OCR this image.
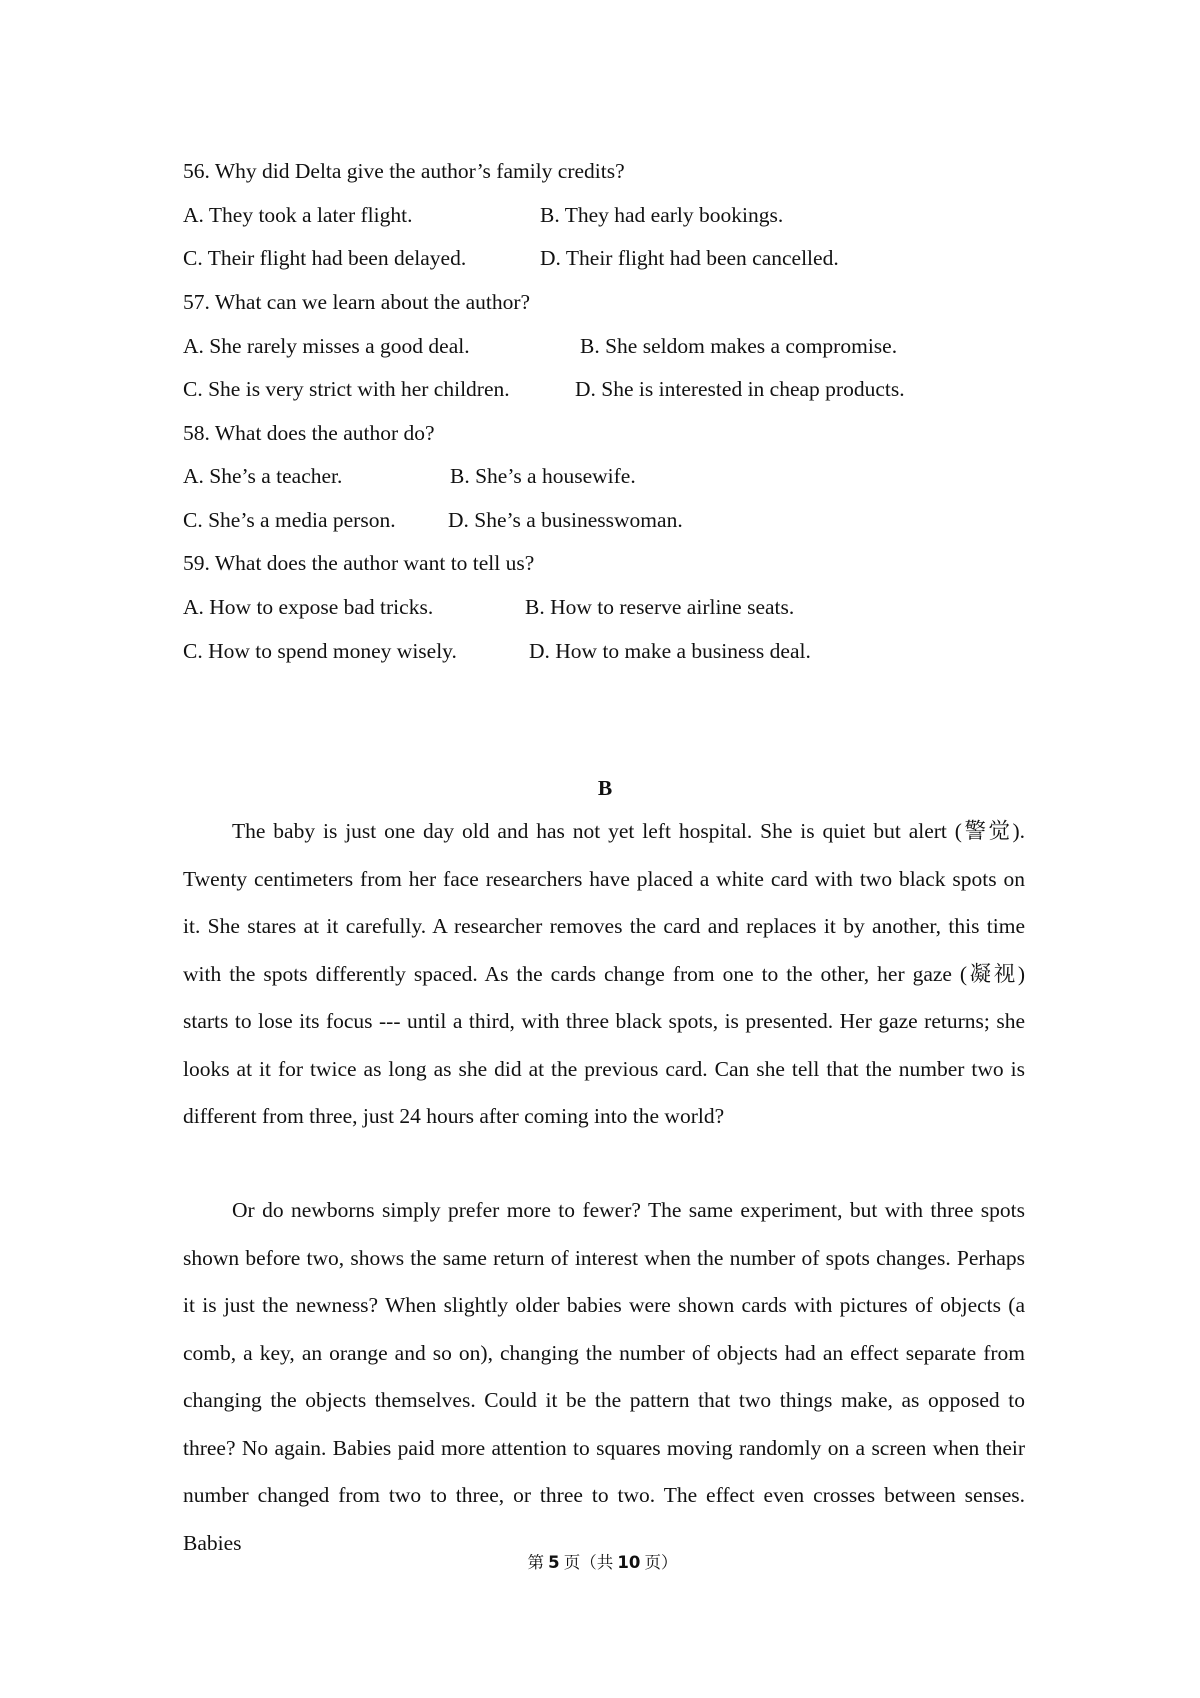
56. Why did Delta give the author’s family credits?
A. They took a later flight.	B. They had early bookings.
C. Their flight had been delayed.	D. Their flight had been cancelled.
57. What can we learn about the author?
A. She rarely misses a good deal.	B. She seldom makes a compromise.
C. She is very strict with her children.	D. She is interested in cheap products.
58. What does the author do?
A. She’s a teacher.	B. She’s a housewife.
C. She’s a media person. D. She’s a businesswoman.
59. What does the author want to tell us?
A. How to expose bad tricks.	B. How to reserve airline seats.
C. How to spend money wisely.	D. How to make a business deal.
B
The baby is just one day old and has not yet left hospital. She is quiet but alert (警觉). Twenty centimeters from her face researchers have placed a white card with two black spots on it. She stares at it carefully. A researcher removes the card and replaces it by another, this time with the spots differently spaced. As the cards change from one to the other, her gaze (凝视) starts to lose its focus --- until a third, with three black spots, is presented. Her gaze returns; she looks at it for twice as long as she did at the previous card. Can she tell that the number two is different from three, just 24 hours after coming into the world?
Or do newborns simply prefer more to fewer? The same experiment, but with three spots shown before two, shows the same return of interest when the number of spots changes. Perhaps it is just the newness? When slightly older babies were shown cards with pictures of objects (a comb, a key, an orange and so on), changing the number of objects had an effect separate from changing the objects themselves. Could it be the pattern that two things make, as opposed to three? No again. Babies paid more attention to squares moving randomly on a screen when their number changed from two to three, or three to two. The effect even crosses between senses. Babies
第 5 页（共 10 页）
